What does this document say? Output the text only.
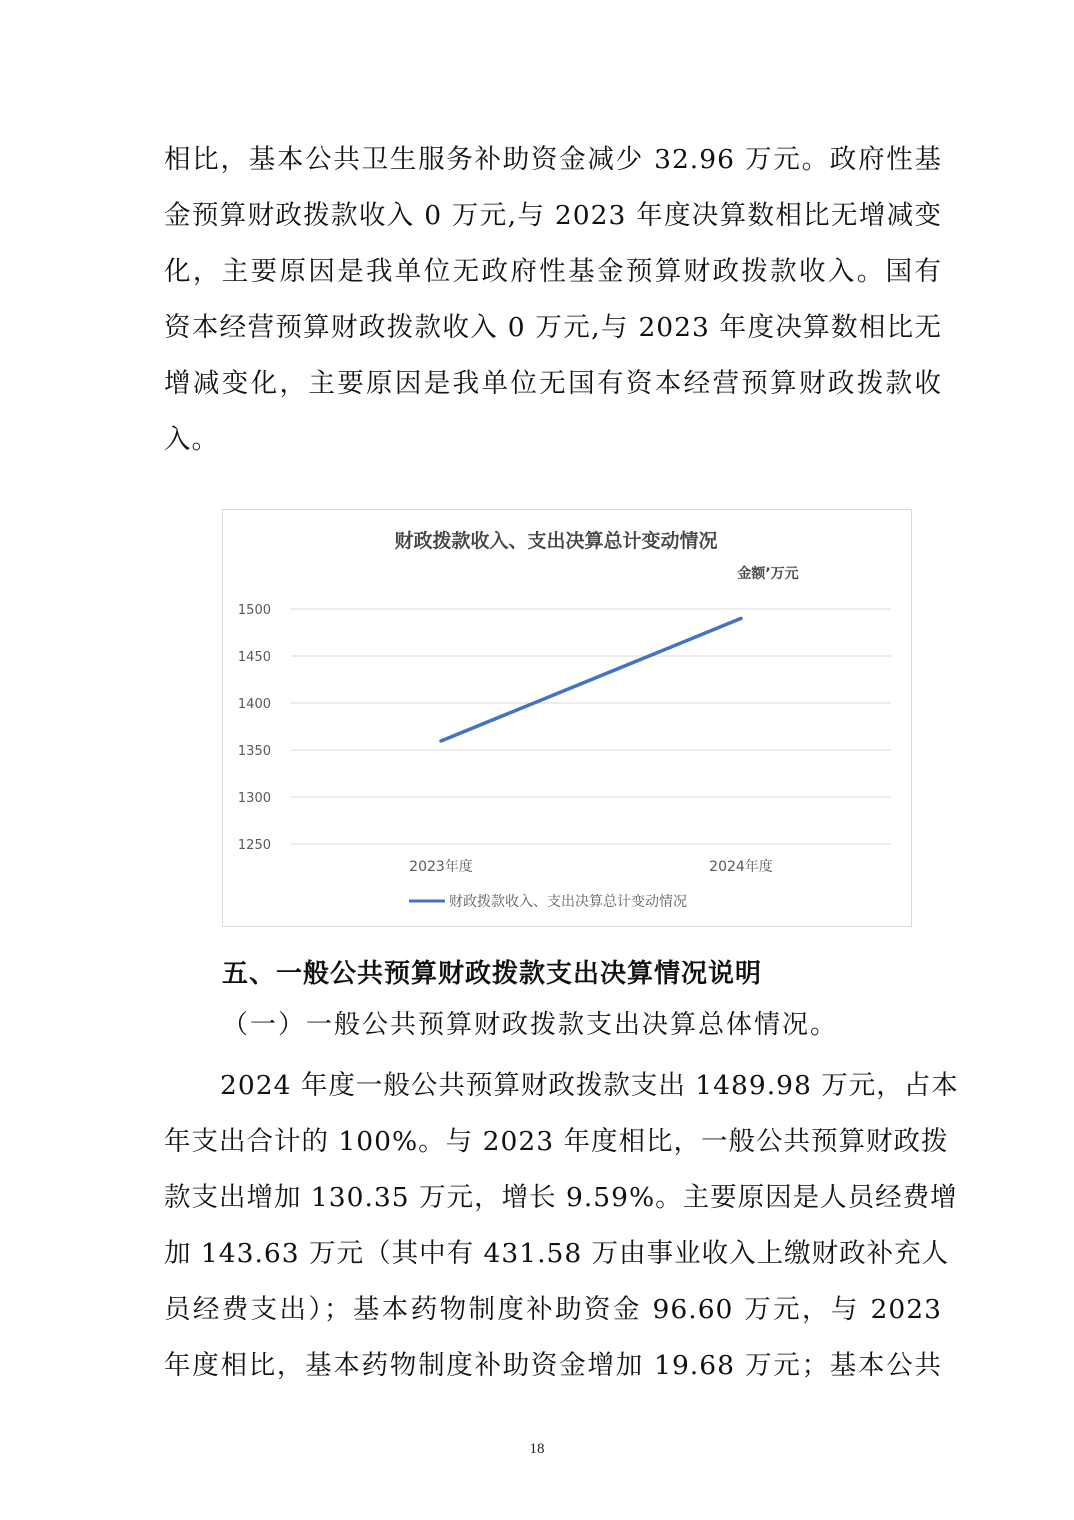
相比，基本公共卫生服务补助资金减少 32.96 万元。政府性基
金预算财政拨款收入 0 万元,与 2023 年度决算数相比无增减变
化，主要原因是我单位无政府性基金预算财政拨款收入。国有
资本经营预算财政拨款收入 0 万元,与 2023 年度决算数相比无
增减变化，主要原因是我单位无国有资本经营预算财政拨款收
入。
财政拨款收入、支出决算总计变动情况
金额’万元
1500
1450
1400
1350
1300
1250
2023年度	2024年度
财政拨款收入、支出决算总计变动情况
五、一般公共预算财政拨款支出决算情况说明
（一）一般公共预算财政拨款支出决算总体情况。
2024 年度一般公共预算财政拨款支出 1489.98 万元，占本
年支出合计的 100%。与 2023 年度相比，一般公共预算财政拨
款支出增加 130.35 万元，增长 9.59%。主要原因是人员经费增
加 143.63 万元（其中有 431.58 万由事业收入上缴财政补充人
员经费支出）；基本药物制度补助资金 96.60 万元，与 2023
年度相比，基本药物制度补助资金增加 19.68 万元；基本公共
18
